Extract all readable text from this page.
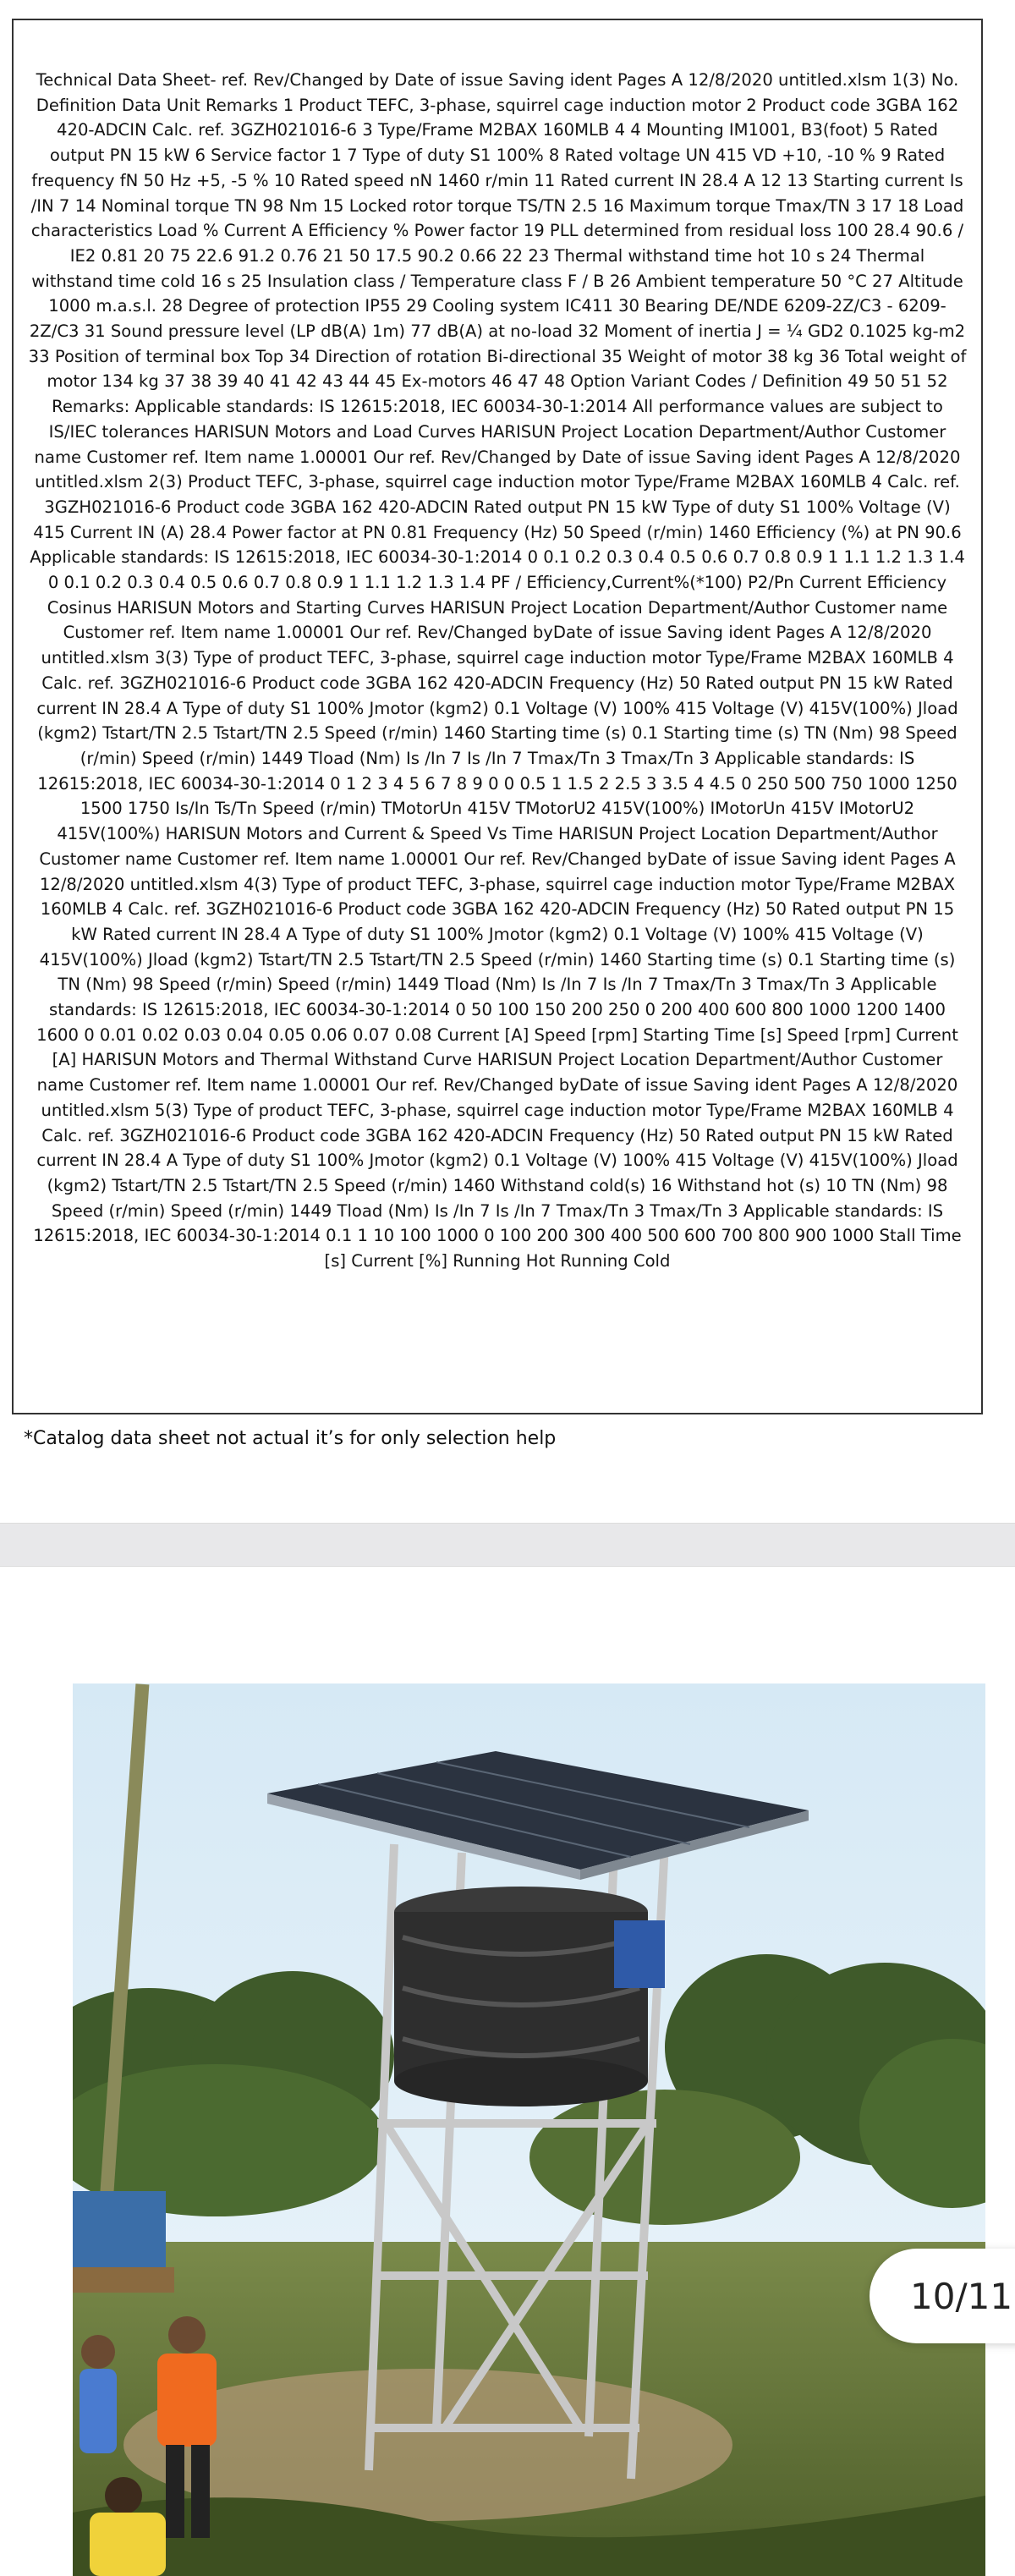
Technical Data Sheet- ref. Rev/Changed by Date of issue Saving ident Pages A 12/8/2020 untitled.xlsm 1(3) No. Definition Data Unit Remarks 1 Product TEFC, 3-phase, squirrel cage induction motor 2 Product code 3GBA 162 420-ADCIN Calc. ref. 3GZH021016-6 3 Type/Frame M2BAX 160MLB 4 4 Mounting IM1001, B3(foot) 5 Rated output PN 15 kW 6 Service factor 1 7 Type of duty S1 100% 8 Rated voltage UN 415 VD +10, -10 % 9 Rated frequency fN 50 Hz +5, -5 % 10 Rated speed nN 1460 r/min 11 Rated current IN 28.4 A 12 13 Starting current Is /IN 7 14 Nominal torque TN 98 Nm 15 Locked rotor torque TS/TN 2.5 16 Maximum torque Tmax/TN 3 17 18 Load characteristics Load % Current A Efficiency % Power factor 19 PLL determined from residual loss 100 28.4 90.6 / IE2 0.81 20 75 22.6 91.2 0.76 21 50 17.5 90.2 0.66 22 23 Thermal withstand time hot 10 s 24 Thermal withstand time cold 16 s 25 Insulation class / Temperature class F / B 26 Ambient temperature 50 °C 27 Altitude 1000 m.a.s.l. 28 Degree of protection IP55 29 Cooling system IC411 30 Bearing DE/NDE 6209-2Z/C3 - 6209-2Z/C3 31 Sound pressure level (LP dB(A) 1m) 77 dB(A) at no-load 32 Moment of inertia J = ¼ GD2 0.1025 kg-m2 33 Position of terminal box Top 34 Direction of rotation Bi-directional 35 Weight of motor 38 kg 36 Total weight of motor 134 kg 37 38 39 40 41 42 43 44 45 Ex-motors 46 47 48 Option Variant Codes / Definition 49 50 51 52 Remarks: Applicable standards: IS 12615:2018, IEC 60034-30-1:2014 All performance values are subject to IS/IEC tolerances HARISUN Motors and Load Curves HARISUN Project Location Department/Author Customer name Customer ref. Item name 1.00001 Our ref. Rev/Changed by Date of issue Saving ident Pages A 12/8/2020 untitled.xlsm 2(3) Product TEFC, 3-phase, squirrel cage induction motor Type/Frame M2BAX 160MLB 4 Calc. ref. 3GZH021016-6 Product code 3GBA 162 420-ADCIN Rated output PN 15 kW Type of duty S1 100% Voltage (V) 415 Current IN (A) 28.4 Power factor at PN 0.81 Frequency (Hz) 50 Speed (r/min) 1460 Efficiency (%) at PN 90.6 Applicable standards: IS 12615:2018, IEC 60034-30-1:2014 0 0.1 0.2 0.3 0.4 0.5 0.6 0.7 0.8 0.9 1 1.1 1.2 1.3 1.4 0 0.1 0.2 0.3 0.4 0.5 0.6 0.7 0.8 0.9 1 1.1 1.2 1.3 1.4 PF / Efficiency,Current%(*100) P2/Pn Current Efficiency Cosinus HARISUN Motors and Starting Curves HARISUN Project Location Department/Author Customer name Customer ref. Item name 1.00001 Our ref. Rev/Changed byDate of issue Saving ident Pages A 12/8/2020 untitled.xlsm 3(3) Type of product TEFC, 3-phase, squirrel cage induction motor Type/Frame M2BAX 160MLB 4 Calc. ref. 3GZH021016-6 Product code 3GBA 162 420-ADCIN Frequency (Hz) 50 Rated output PN 15 kW Rated current IN 28.4 A Type of duty S1 100% Jmotor (kgm2) 0.1 Voltage (V) 100% 415 Voltage (V) 415V(100%) Jload (kgm2) Tstart/TN 2.5 Tstart/TN 2.5 Speed (r/min) 1460 Starting time (s) 0.1 Starting time (s) TN (Nm) 98 Speed (r/min) Speed (r/min) 1449 Tload (Nm) Is /In 7 Is /In 7 Tmax/Tn 3 Tmax/Tn 3 Applicable standards: IS 12615:2018, IEC 60034-30-1:2014 0 1 2 3 4 5 6 7 8 9 0 0 0.5 1 1.5 2 2.5 3 3.5 4 4.5 0 250 500 750 1000 1250 1500 1750 Is/In Ts/Tn Speed (r/min) TMotorUn 415V TMotorU2 415V(100%) IMotorUn 415V IMotorU2 415V(100%) HARISUN Motors and Current & Speed Vs Time HARISUN Project Location Department/Author Customer name Customer ref. Item name 1.00001 Our ref. Rev/Changed byDate of issue Saving ident Pages A 12/8/2020 untitled.xlsm 4(3) Type of product TEFC, 3-phase, squirrel cage induction motor Type/Frame M2BAX 160MLB 4 Calc. ref. 3GZH021016-6 Product code 3GBA 162 420-ADCIN Frequency (Hz) 50 Rated output PN 15 kW Rated current IN 28.4 A Type of duty S1 100% Jmotor (kgm2) 0.1 Voltage (V) 100% 415 Voltage (V) 415V(100%) Jload (kgm2) Tstart/TN 2.5 Tstart/TN 2.5 Speed (r/min) 1460 Starting time (s) 0.1 Starting time (s) TN (Nm) 98 Speed (r/min) Speed (r/min) 1449 Tload (Nm) Is /In 7 Is /In 7 Tmax/Tn 3 Tmax/Tn 3 Applicable standards: IS 12615:2018, IEC 60034-30-1:2014 0 50 100 150 200 250 0 200 400 600 800 1000 1200 1400 1600 0 0.01 0.02 0.03 0.04 0.05 0.06 0.07 0.08 Current [A] Speed [rpm] Starting Time [s] Speed [rpm] Current [A] HARISUN Motors and Thermal Withstand Curve HARISUN Project Location Department/Author Customer name Customer ref. Item name 1.00001 Our ref. Rev/Changed byDate of issue Saving ident Pages A 12/8/2020 untitled.xlsm 5(3) Type of product TEFC, 3-phase, squirrel cage induction motor Type/Frame M2BAX 160MLB 4 Calc. ref. 3GZH021016-6 Product code 3GBA 162 420-ADCIN Frequency (Hz) 50 Rated output PN 15 kW Rated current IN 28.4 A Type of duty S1 100% Jmotor (kgm2) 0.1 Voltage (V) 100% 415 Voltage (V) 415V(100%) Jload (kgm2) Tstart/TN 2.5 Tstart/TN 2.5 Speed (r/min) 1460 Withstand cold(s) 16 Withstand hot (s) 10 TN (Nm) 98 Speed (r/min) Speed (r/min) 1449 Tload (Nm) Is /In 7 Is /In 7 Tmax/Tn 3 Tmax/Tn 3 Applicable standards: IS 12615:2018, IEC 60034-30-1:2014 0.1 1 10 100 1000 0 100 200 300 400 500 600 700 800 900 1000 Stall Time [s] Current [%] Running Hot Running Cold
*Catalog data sheet not actual it’s for only selection help
10/11
